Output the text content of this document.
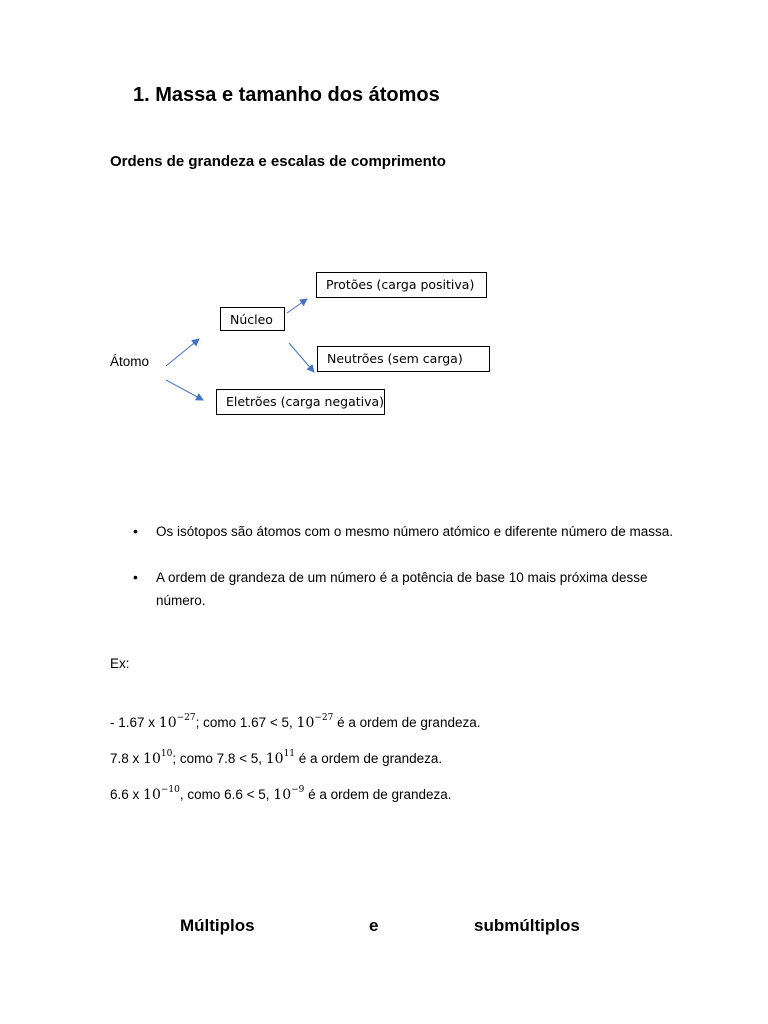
1. Massa e tamanho dos átomos
Ordens de grandeza e escalas de comprimento
Átomo
Núcleo
Protões (carga positiva)
Neutrões (sem carga)
Eletrões (carga negativa)
• Os isótopos são átomos com o mesmo número atómico e diferente número de massa.
• A ordem de grandeza de um número é a potência de base 10 mais próxima desse número.
Ex:
- 1.67 x $10^{-27}$; como 1.67 < 5, $10^{-27}$ é a ordem de grandeza.
7.8 x $10^{10}$; como 7.8 < 5, $10^{11}$ é a ordem de grandeza.
6.6 x $10^{-10}$, como 6.6 < 5, $10^{-9}$ é a ordem de grandeza.
Múltiplos	e	submúltiplos
